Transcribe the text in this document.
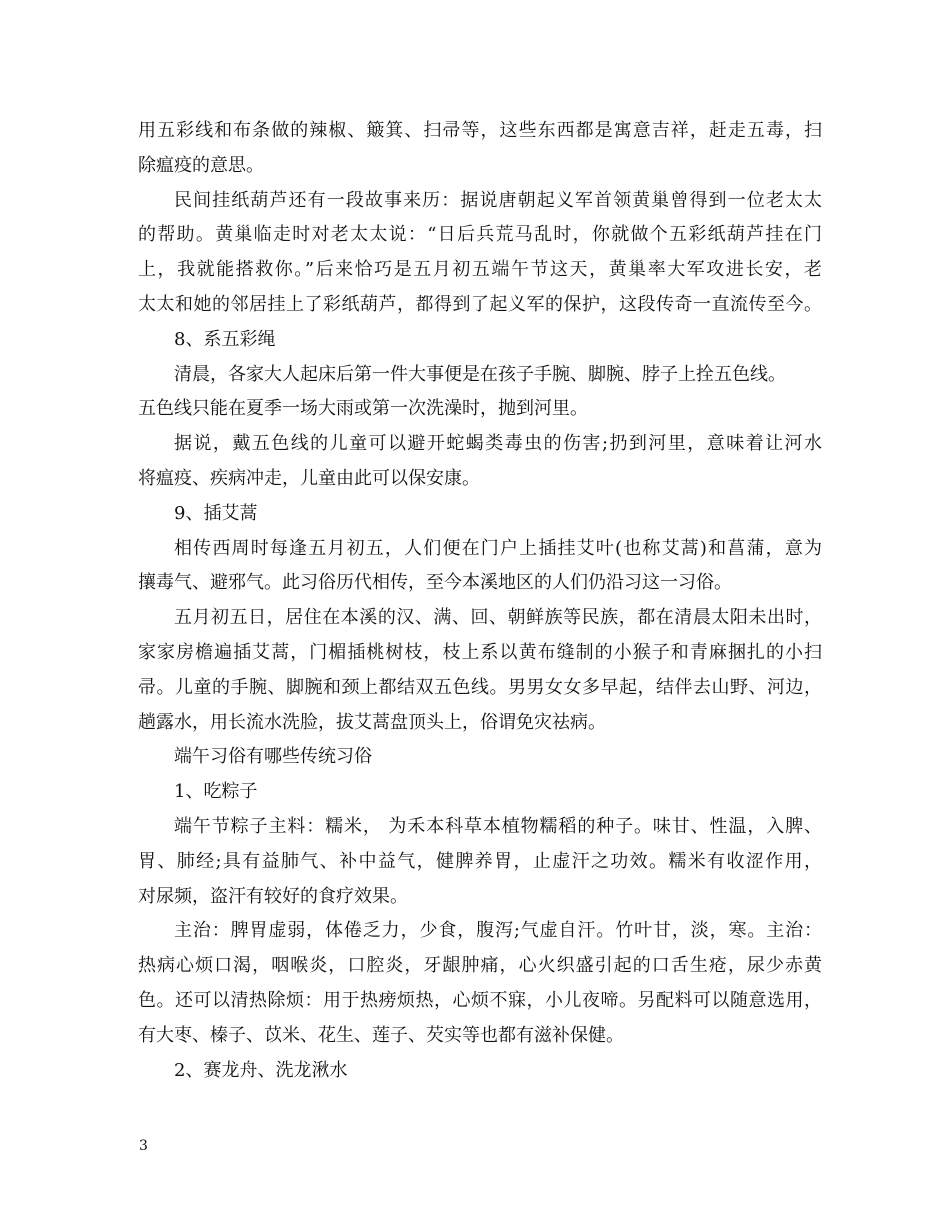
用五彩线和布条做的辣椒、簸箕、扫帚等，这些东西都是寓意吉祥，赶走五毒，扫
除瘟疫的意思。
民间挂纸葫芦还有一段故事来历：据说唐朝起义军首领黄巢曾得到一位老太太
的帮助。黄巢临走时对老太太说：“日后兵荒马乱时，你就做个五彩纸葫芦挂在门
上，我就能搭救你。”后来恰巧是五月初五端午节这天，黄巢率大军攻进长安，老
太太和她的邻居挂上了彩纸葫芦，都得到了起义军的保护，这段传奇一直流传至今。
8、系五彩绳
清晨，各家大人起床后第一件大事便是在孩子手腕、脚腕、脖子上拴五色线。
五色线只能在夏季一场大雨或第一次洗澡时，抛到河里。
据说，戴五色线的儿童可以避开蛇蝎类毒虫的伤害;扔到河里，意味着让河水
将瘟疫、疾病冲走，儿童由此可以保安康。
9、插艾蒿
相传西周时每逢五月初五，人们便在门户上插挂艾叶(也称艾蒿)和菖蒲，意为
攘毒气、避邪气。此习俗历代相传，至今本溪地区的人们仍沿习这一习俗。
五月初五日，居住在本溪的汉、满、回、朝鲜族等民族，都在清晨太阳未出时，
家家房檐遍插艾蒿，门楣插桃树枝，枝上系以黄布缝制的小猴子和青麻捆扎的小扫
帚。儿童的手腕、脚腕和颈上都结双五色线。男男女女多早起，结伴去山野、河边，
趟露水，用长流水洗脸，拔艾蒿盘顶头上，俗谓免灾祛病。
端午习俗有哪些传统习俗
1、吃粽子
端午节粽子主料：糯米， 为禾本科草本植物糯稻的种子。味甘、性温，入脾、
胃、肺经;具有益肺气、补中益气，健脾养胃，止虚汗之功效。糯米有收涩作用，
对尿频，盗汗有较好的食疗效果。
主治：脾胃虚弱，体倦乏力，少食，腹泻;气虚自汗。竹叶甘，淡，寒。主治：
热病心烦口渴，咽喉炎，口腔炎，牙龈肿痛，心火织盛引起的口舌生疮，尿少赤黄
色。还可以清热除烦：用于热痨烦热，心烦不寐，小儿夜啼。另配料可以随意选用，
有大枣、榛子、苡米、花生、莲子、芡实等也都有滋补保健。
2、赛龙舟、洗龙湫水
3
